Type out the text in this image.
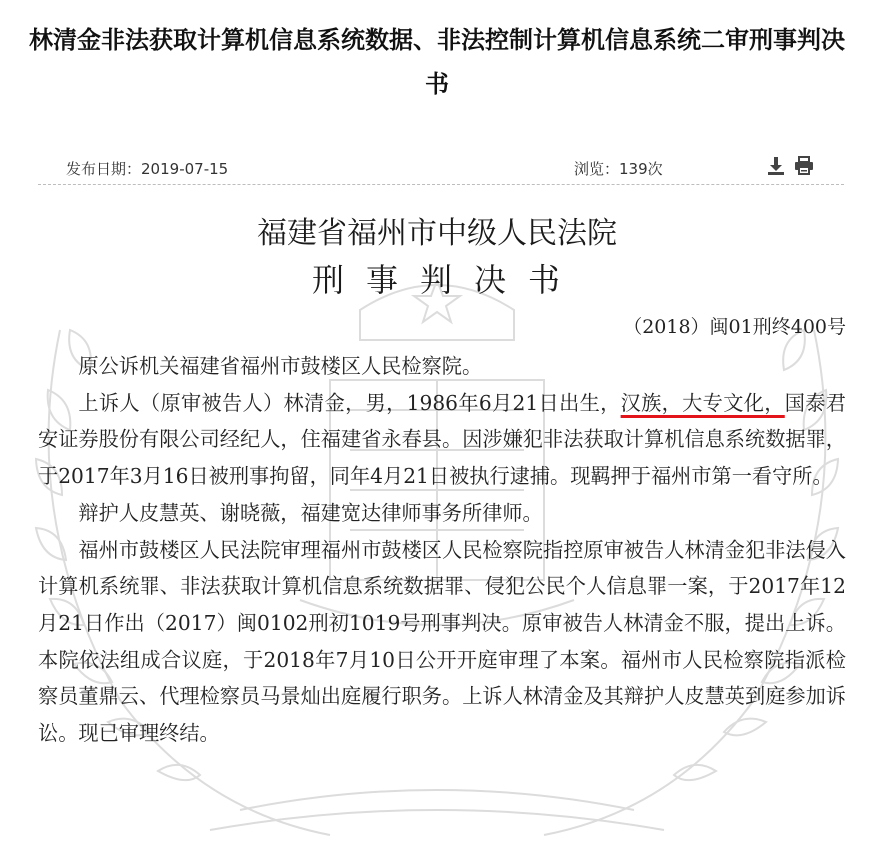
林清金非法获取计算机信息系统数据、非法控制计算机信息系统二审刑事判决书
发布日期：2019-07-15	浏览：139次
福建省福州市中级人民法院
刑事判决书
（2018）闽01刑终400号

原公诉机关福建省福州市鼓楼区人民检察院。

上诉人（原审被告人）林清金，男，1986年6月21日出生，汉族，大专文化，国泰君安证券股份有限公司经纪人，住福建省永春县。因涉嫌犯非法获取计算机信息系统数据罪，于2017年3月16日被刑事拘留，同年4月21日被执行逮捕。现羁押于福州市第一看守所。

辩护人皮慧英、谢晓薇，福建宽达律师事务所律师。

福州市鼓楼区人民法院审理福州市鼓楼区人民检察院指控原审被告人林清金犯非法侵入计算机系统罪、非法获取计算机信息系统数据罪、侵犯公民个人信息罪一案，于2017年12月21日作出（2017）闽0102刑初1019号刑事判决。原审被告人林清金不服，提出上诉。本院依法组成合议庭，于2018年7月10日公开开庭审理了本案。福州市人民检察院指派检察员董鼎云、代理检察员马景灿出庭履行职务。上诉人林清金及其辩护人皮慧英到庭参加诉讼。现已审理终结。
